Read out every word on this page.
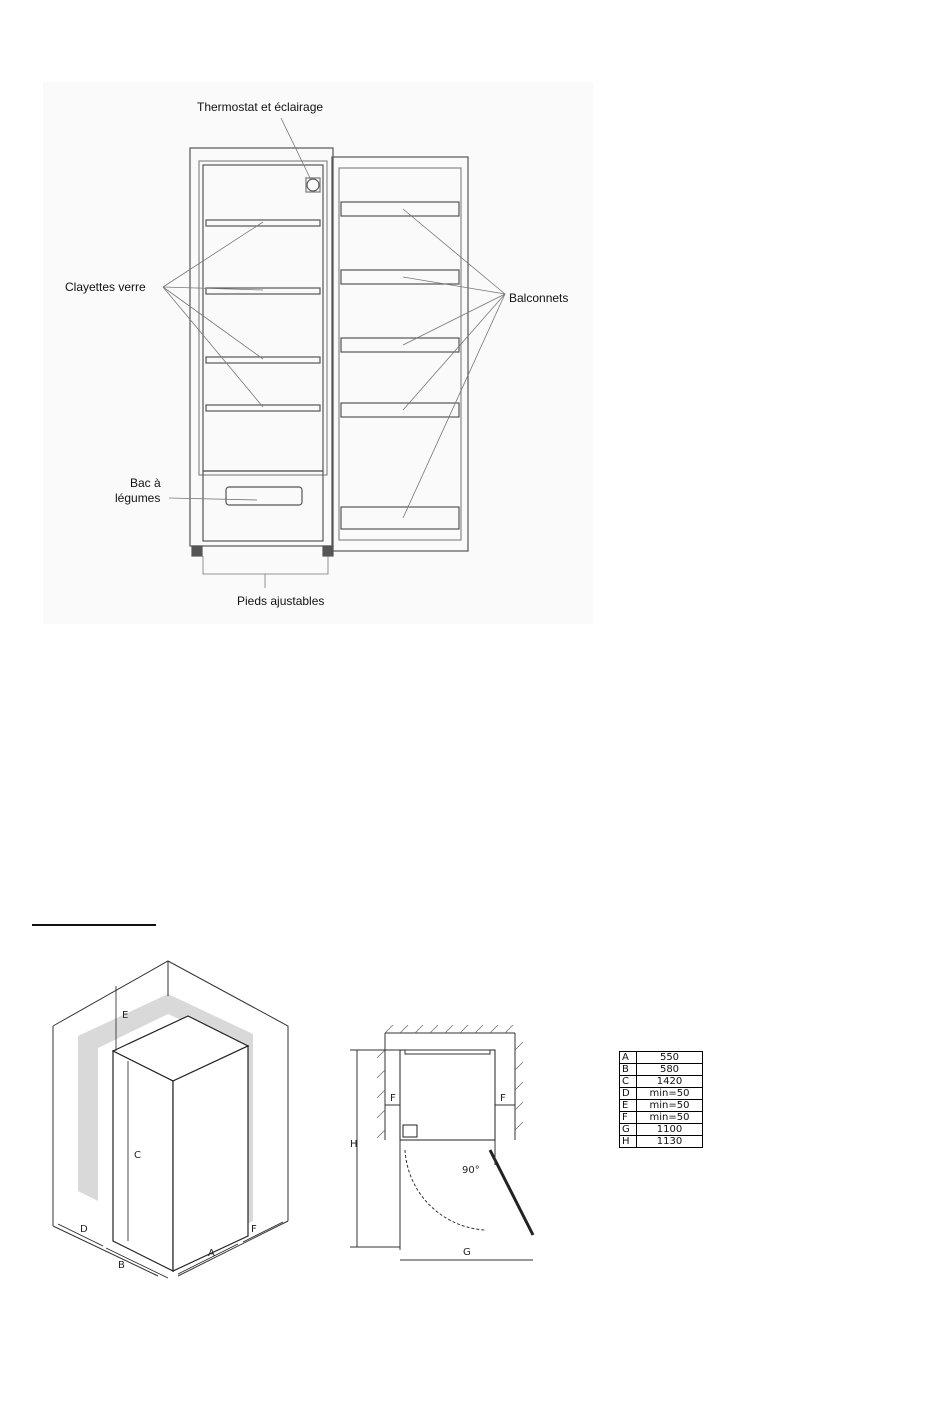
Thermostat et éclairage
Clayettes verre
Balconnets
Bac à
légumes
Pieds ajustables
E
C
D
B
A
F
H
G
F	F
90°
A	550
B	580
C	1420
D	min=50
E	min=50
F	min=50
G	1100
H	1130
